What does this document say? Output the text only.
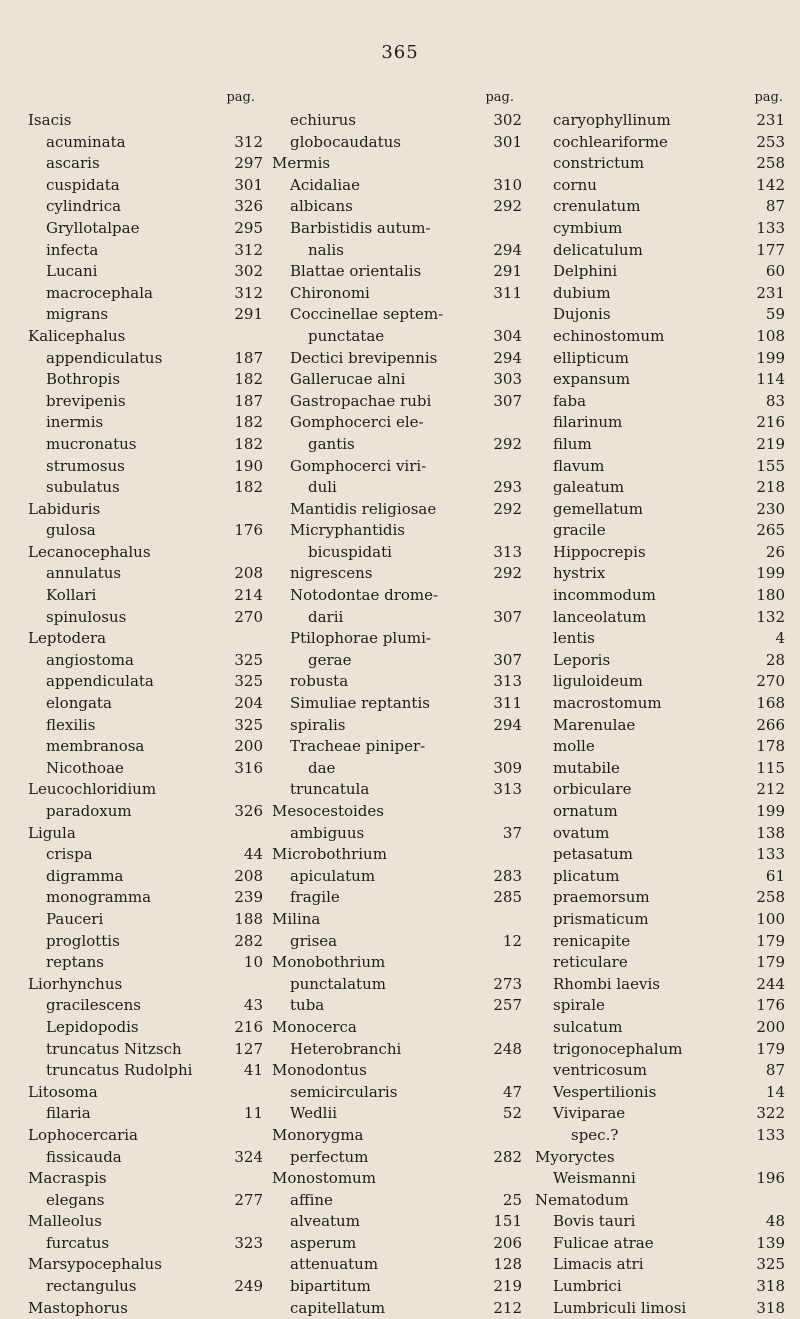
365
pag.
Isacis
acuminata	312
ascaris	297
cuspidata	301
cylindrica	326
Gryllotalpae	295
infecta	312
Lucani	302
macrocephala	312
migrans	291
Kalicephalus
appendiculatus	187
Bothropis	182
brevipenis	187
inermis	182
mucronatus	182
strumosus	190
subulatus	182
Labiduris
gulosa	176
Lecanocephalus
annulatus	208
Kollari	214
spinulosus	270
Leptodera
angiostoma	325
appendiculata	325
elongata	204
flexilis	325
membranosa	200
Nicothoae	316
Leucochloridium
paradoxum	326
Ligula
crispa	44
digramma	208
monogramma	239
Pauceri	188
proglottis	282
reptans	10
Liorhynchus
gracilescens	43
Lepidopodis	216
truncatus Nitzsch	127
truncatus Rudolphi	41
Litosoma
filaria	11
Lophocercaria
fissicauda	324
Macraspis
elegans	277
Malleolus
furcatus	323
Marsypocephalus
rectangulus	249
Mastophorus
pag.
echiurus	302
globocaudatus	301
Mermis
Acidaliae	310
albicans	292
Barbistidis autum-
nalis	294
Blattae orientalis	291
Chironomi	311
Coccinellae septem-
punctatae	304
Dectici brevipennis	294
Gallerucae alni	303
Gastropachae rubi	307
Gomphocerci ele-
gantis	292
Gomphocerci viri-
duli	293
Mantidis religiosae	292
Micryphantidis
bicuspidati	313
nigrescens	292
Notodontae drome-
darii	307
Ptilophorae plumi-
gerae	307
robusta	313
Simuliae reptantis	311
spiralis	294
Tracheae piniper-
dae	309
truncatula	313
Mesocestoides
ambiguus	37
Microbothrium
apiculatum	283
fragile	285
Milina
grisea	12
Monobothrium
punctalatum	273
tuba	257
Monocerca
Heterobranchi	248
Monodontus
semicircularis	47
Wedlii	52
Monorygma
perfectum	282
Monostomum
affine	25
alveatum	151
asperum	206
attenuatum	128
bipartitum	219
capitellatum	212
pag.
caryophyllinum	231
cochleariforme	253
constrictum	258
cornu	142
crenulatum	87
cymbium	133
delicatulum	177
Delphini	60
dubium	231
Dujonis	59
echinostomum	108
ellipticum	199
expansum	114
faba	83
filarinum	216
filum	219
flavum	155
galeatum	218
gemellatum	230
gracile	265
Hippocrepis	26
hystrix	199
incommodum	180
lanceolatum	132
lentis	4
Leporis	28
liguloideum	270
macrostomum	168
Marenulae	266
molle	178
mutabile	115
orbiculare	212
ornatum	199
ovatum	138
petasatum	133
plicatum	61
praemorsum	258
prismaticum	100
renicapite	179
reticulare	179
Rhombi laevis	244
spirale	176
sulcatum	200
trigonocephalum	179
ventricosum	87
Vespertilionis	14
Viviparae	322
spec.?	133
Myoryctes
Weismanni	196
Nematodum
Bovis tauri	48
Fulicae atrae	139
Limacis atri	325
Lumbrici	318
Lumbriculi limosi	318
